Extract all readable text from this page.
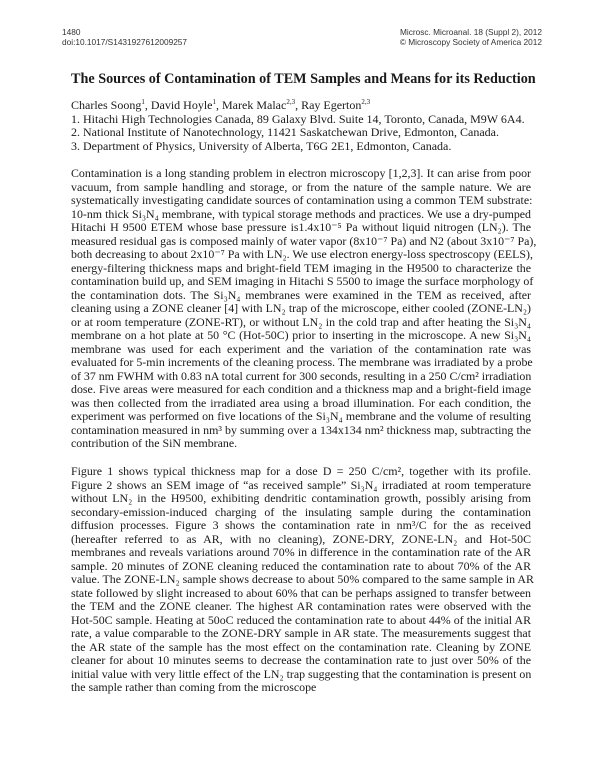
1480
doi:10.1017/S1431927612009257
Microsc. Microanal. 18 (Suppl 2), 2012
© Microscopy Society of America 2012
The Sources of Contamination of TEM Samples and Means for its Reduction
Charles Soong$^1$, David Hoyle$^1$, Marek Malac$^{2,3}$, Ray Egerton$^{2,3}$
1. Hitachi High Technologies Canada, 89 Galaxy Blvd. Suite 14, Toronto, Canada, M9W 6A4.
2. National Institute of Nanotechnology, 11421 Saskatchewan Drive, Edmonton, Canada.
3. Department of Physics, University of Alberta, T6G 2E1, Edmonton, Canada.
Contamination is a long standing problem in electron microscopy [1,2,3]. It can arise from poor
vacuum, from sample handling and storage, or from the nature of the sample nature. We are
systematically investigating candidate sources of contamination using a common TEM substrate:
10-nm thick Si₃N₄ membrane, with typical storage methods and practices. We use a dry-pumped
Hitachi H 9500 ETEM whose base pressure is1.4x10⁻⁵ Pa without liquid nitrogen (LN₂). The
measured residual gas is composed mainly of water vapor (8x10⁻⁷ Pa) and N2 (about 3x10⁻⁷ Pa),
both decreasing to about 2x10⁻⁷ Pa with LN₂. We use electron energy-loss spectroscopy (EELS),
energy-filtering thickness maps and bright-field TEM imaging in the H9500 to characterize the
contamination build up, and SEM imaging in Hitachi S 5500 to image the surface morphology of
the contamination dots. The Si₃N₄ membranes were examined in the TEM as received, after
cleaning using a ZONE cleaner [4] with LN₂ trap of the microscope, either cooled (ZONE-LN₂)
or at room temperature (ZONE-RT), or without LN₂ in the cold trap and after heating the Si₃N₄
membrane on a hot plate at 50 °C (Hot-50C) prior to inserting in the microscope. A new Si₃N₄
membrane was used for each experiment and the variation of the contamination rate was
evaluated for 5-min increments of the cleaning process. The membrane was irradiated by a probe
of 37 nm FWHM with 0.83 nA total current for 300 seconds, resulting in a 250 C/cm² irradiation
dose. Five areas were measured for each condition and a thickness map and a bright-field image
was then collected from the irradiated area using a broad illumination. For each condition, the
experiment was performed on five locations of the Si₃N₄ membrane and the volume of resulting
contamination measured in nm³ by summing over a 134x134 nm² thickness map, subtracting the
contribution of the SiN membrane.
Figure 1 shows typical thickness map for a dose D = 250 C/cm², together with its profile.
Figure 2 shows an SEM image of “as received sample” Si₃N₄ irradiated at room temperature
without LN₂ in the H9500, exhibiting dendritic contamination growth, possibly arising from
secondary-emission-induced charging of the insulating sample during the contamination
diffusion processes. Figure 3 shows the contamination rate in nm³/C for the as received
(hereafter referred to as AR, with no cleaning), ZONE-DRY, ZONE-LN₂ and Hot-50C
membranes and reveals variations around 70% in difference in the contamination rate of the AR
sample. 20 minutes of ZONE cleaning reduced the contamination rate to about 70% of the AR
value. The ZONE-LN₂ sample shows decrease to about 50% compared to the same sample in AR
state followed by slight increased to about 60% that can be perhaps assigned to transfer between
the TEM and the ZONE cleaner. The highest AR contamination rates were observed with the
Hot-50C sample. Heating at 50oC reduced the contamination rate to about 44% of the initial AR
rate, a value comparable to the ZONE-DRY sample in AR state. The measurements suggest that
the AR state of the sample has the most effect on the contamination rate. Cleaning by ZONE
cleaner for about 10 minutes seems to decrease the contamination rate to just over 50% of the
initial value with very little effect of the LN₂ trap suggesting that the contamination is present on
the sample rather than coming from the microscope
